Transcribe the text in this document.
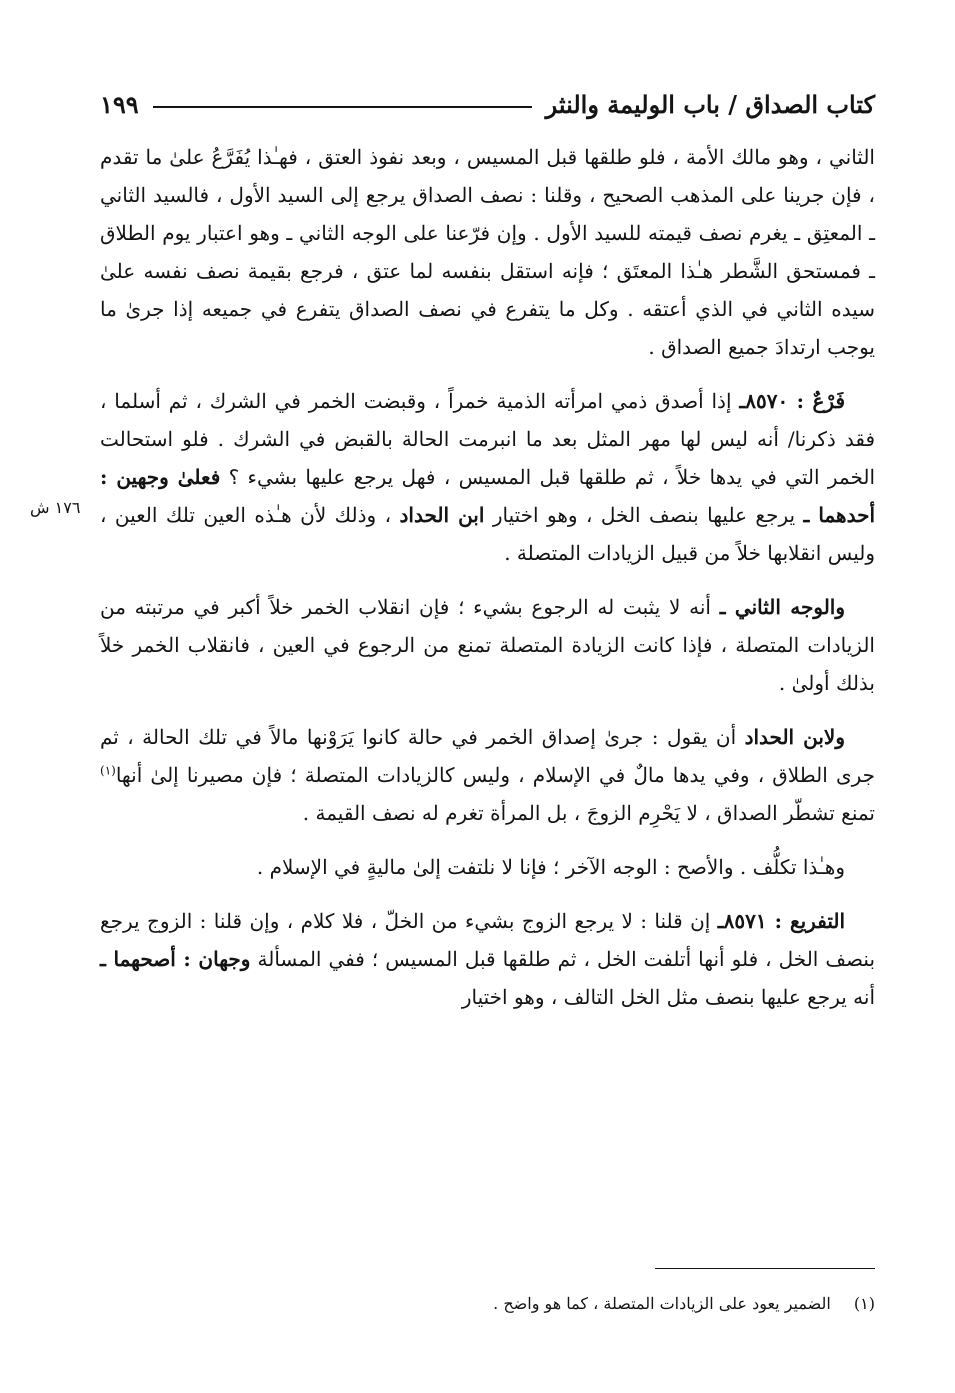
كتاب الصداق / باب الوليمة والنثر
١٩٩
١٧٦ ش

الثاني ، وهو مالك الأمة ، فلو طلقها قبل المسيس ، وبعد نفوذ العتق ، فهـٰذا يُفَرَّعُ علىٰ ما تقدم ، فإن جرينا على المذهب الصحيح ، وقلنا : نصف الصداق يرجع إلى السيد الأول ، فالسيد الثاني ـ المعتِق ـ يغرم نصف قيمته للسيد الأول . وإن فرّعنا على الوجه الثاني ـ وهو اعتبار يوم الطلاق ـ فمستحق الشَّطر هـٰذا المعتَق ؛ فإنه استقل بنفسه لما عتق ، فرجع بقيمة نصف نفسه علىٰ سيده الثاني في الذي أعتقه . وكل ما يتفرع في نصف الصداق يتفرع في جميعه إذا جرىٰ ما يوجب ارتدادَ جميع الصداق .

فَرْعٌ : ٨٥٧٠ـ إذا أصدق ذمي امرأته الذمية خمراً ، وقبضت الخمر في الشرك ، ثم أسلما ، فقد ذكرنا/ أنه ليس لها مهر المثل بعد ما انبرمت الحالة بالقبض في الشرك . فلو استحالت الخمر التي في يدها خلاً ، ثم طلقها قبل المسيس ، فهل يرجع عليها بشيء ؟ فعلىٰ وجهين : أحدهما ـ يرجع عليها بنصف الخل ، وهو اختيار ابن الحداد ، وذلك لأن هـٰذه العين تلك العين ، وليس انقلابها خلاً من قبيل الزيادات المتصلة .

والوجه الثاني ـ أنه لا يثبت له الرجوع بشيء ؛ فإن انقلاب الخمر خلاً أكبر في مرتبته من الزيادات المتصلة ، فإذا كانت الزيادة المتصلة تمنع من الرجوع في العين ، فانقلاب الخمر خلاً بذلك أولىٰ .

ولابن الحداد أن يقول : جرىٰ إصداق الخمر في حالة كانوا يَرَوْنها مالاً في تلك الحالة ، ثم جرى الطلاق ، وفي يدها مالٌ في الإسلام ، وليس كالزيادات المتصلة ؛ فإن مصيرنا إلىٰ أنها$^{(١)}$ تمنع تشطّر الصداق ، لا يَحْرِم الزوجَ ، بل المرأة تغرم له نصف القيمة .

وهـٰذا تكلُّف . والأصح : الوجه الآخر ؛ فإنا لا نلتفت إلىٰ ماليةٍ في الإسلام .

التفريع : ٨٥٧١ـ إن قلنا : لا يرجع الزوج بشيء من الخلّ ، فلا كلام ، وإن قلنا : الزوج يرجع بنصف الخل ، فلو أنها أتلفت الخل ، ثم طلقها قبل المسيس ؛ ففي المسألة وجهان : أصحهما ـ أنه يرجع عليها بنصف مثل الخل التالف ، وهو اختيار

(١) الضمير يعود على الزيادات المتصلة ، كما هو واضح .
